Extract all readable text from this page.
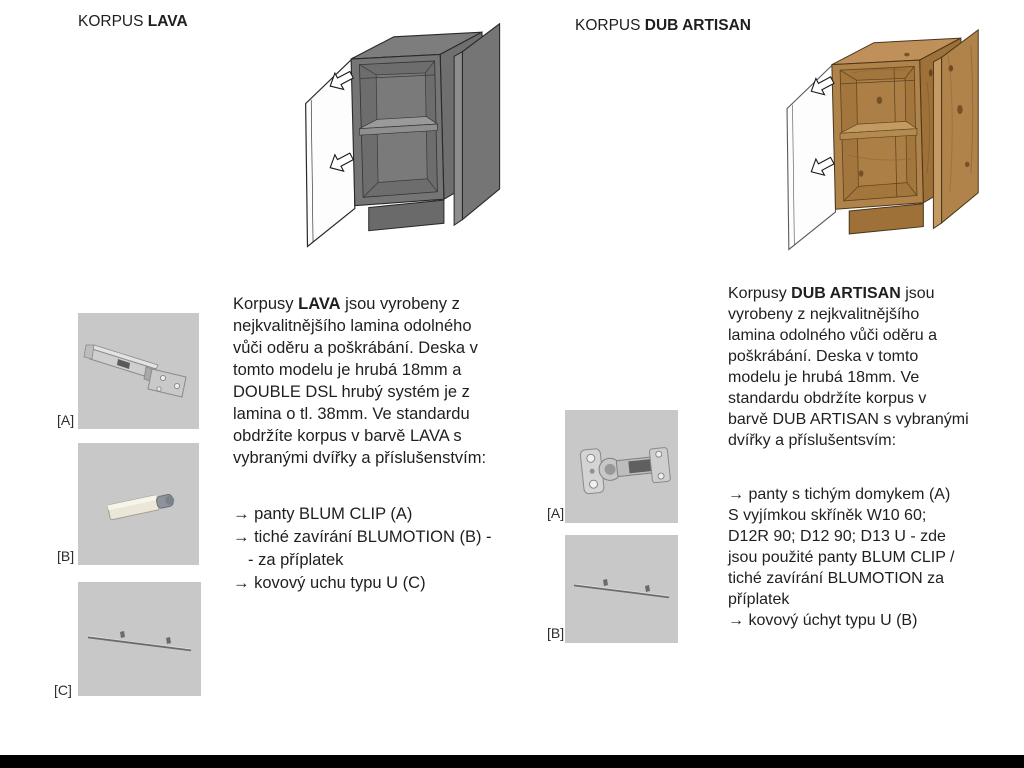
KORPUS LAVA	KORPUS DUB ARTISAN
[A]
[B]
[C]
Korpusy LAVA jsou vyrobeny z
nejkvalitnějšího lamina odolného
vůči oděru a poškrábání. Deska v
tomto modelu je hrubá 18mm a
DOUBLE DSL hrubý systém je z
lamina o tl. 38mm. Ve standardu
obdržíte korpus v barvě LAVA s
vybranými dvířky a příslušenstvím:
→ panty BLUM CLIP (A)
→ tiché zavírání BLUMOTION (B) -
- za příplatek
→ kovový uchu typu U (C)
[A]
[B]
Korpusy DUB ARTISAN jsou
vyrobeny z nejkvalitnějšího
lamina odolného vůči oděru a
poškrábání. Deska v tomto
modelu je hrubá 18mm. Ve
standardu obdržíte korpus v
barvě DUB ARTISAN s vybranými
dvířky a příslušentsvím:
→ panty s tichým domykem (A)
S vyjímkou skříněk W10 60;
D12R 90; D12 90; D13 U - zde
jsou použité panty BLUM CLIP /
tiché zavírání BLUMOTION za
příplatek
→ kovový úchyt typu U (B)
